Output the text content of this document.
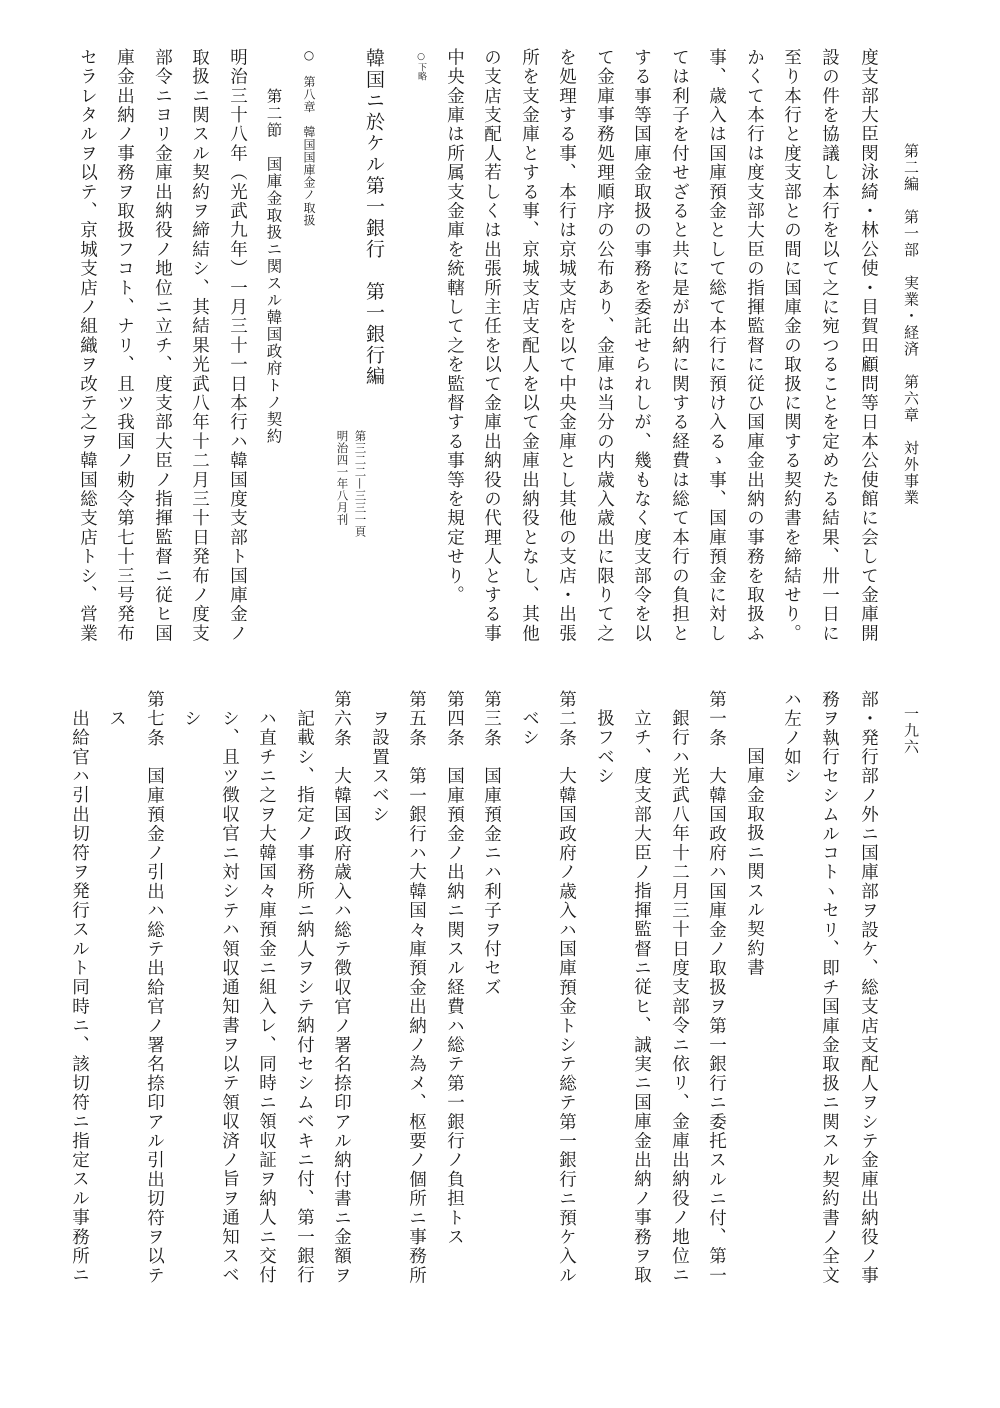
第二編　第一部　実業・経済　第六章　対外事業
一九六
度支部大臣閔泳綺・林公使・目賀田顧問等日本公使館に会して金庫開
設の件を協議し本行を以て之に宛つることを定めたる結果、卅一日に
至り本行と度支部との間に国庫金の取扱に関する契約書を締結せり。
かくて本行は度支部大臣の指揮監督に従ひ国庫金出納の事務を取扱ふ
事、歳入は国庫預金として総て本行に預け入るゝ事、国庫預金に対し
ては利子を付せざると共に是が出納に関する経費は総て本行の負担と
する事等国庫金取扱の事務を委託せられしが、幾もなく度支部令を以
て金庫事務処理順序の公布あり、金庫は当分の内歳入歳出に限りて之
を処理する事、本行は京城支店を以て中央金庫とし其他の支店・出張
所を支金庫とする事、京城支店支配人を以て金庫出納役となし、其他
の支店支配人若しくは出張所主任を以て金庫出納役の代理人とする事
中央金庫は所属支金庫を統轄して之を監督する事等を規定せり。
○下略
韓国ニ於ケル第一銀行　第一銀行編
第三二二—三三一頁
明治四一年八月刊
○　第八章　韓国国庫金ノ取扱
第二節　国庫金取扱ニ関スル韓国政府トノ契約
明治三十八年（光武九年）一月三十一日本行ハ韓国度支部ト国庫金ノ
取扱ニ関スル契約ヲ締結シ、其結果光武八年十二月三十日発布ノ度支
部令ニヨリ金庫出納役ノ地位ニ立チ、度支部大臣ノ指揮監督ニ従ヒ国
庫金出納ノ事務ヲ取扱フコト、ナリ、且ツ我国ノ勅令第七十三号発布
セラレタルヲ以テ、京城支店ノ組織ヲ改テ之ヲ韓国総支店トシ、営業
部・発行部ノ外ニ国庫部ヲ設ケ、総支店支配人ヲシテ金庫出納役ノ事
務ヲ執行セシムルコトヽセリ、即チ国庫金取扱ニ関スル契約書ノ全文
ハ左ノ如シ
国庫金取扱ニ関スル契約書
第一条　大韓国政府ハ国庫金ノ取扱ヲ第一銀行ニ委托スルニ付、第一
銀行ハ光武八年十二月三十日度支部令ニ依リ、金庫出納役ノ地位ニ
立チ、度支部大臣ノ指揮監督ニ従ヒ、誠実ニ国庫金出納ノ事務ヲ取
扱フベシ
第二条　大韓国政府ノ歳入ハ国庫預金トシテ総テ第一銀行ニ預ケ入ル
ベシ
第三条　国庫預金ニハ利子ヲ付セズ
第四条　国庫預金ノ出納ニ関スル経費ハ総テ第一銀行ノ負担トス
第五条　第一銀行ハ大韓国々庫預金出納ノ為メ、枢要ノ個所ニ事務所
ヲ設置スベシ
第六条　大韓国政府歳入ハ総テ徴収官ノ署名捺印アル納付書ニ金額ヲ
記載シ、指定ノ事務所ニ納人ヲシテ納付セシムベキニ付、第一銀行
ハ直チニ之ヲ大韓国々庫預金ニ組入レ、同時ニ領収証ヲ納人ニ交付
シ、且ツ徴収官ニ対シテハ領収通知書ヲ以テ領収済ノ旨ヲ通知スベ
シ
第七条　国庫預金ノ引出ハ総テ出給官ノ署名捺印アル引出切符ヲ以テ
ス
出給官ハ引出切符ヲ発行スルト同時ニ、該切符ニ指定スル事務所ニ
